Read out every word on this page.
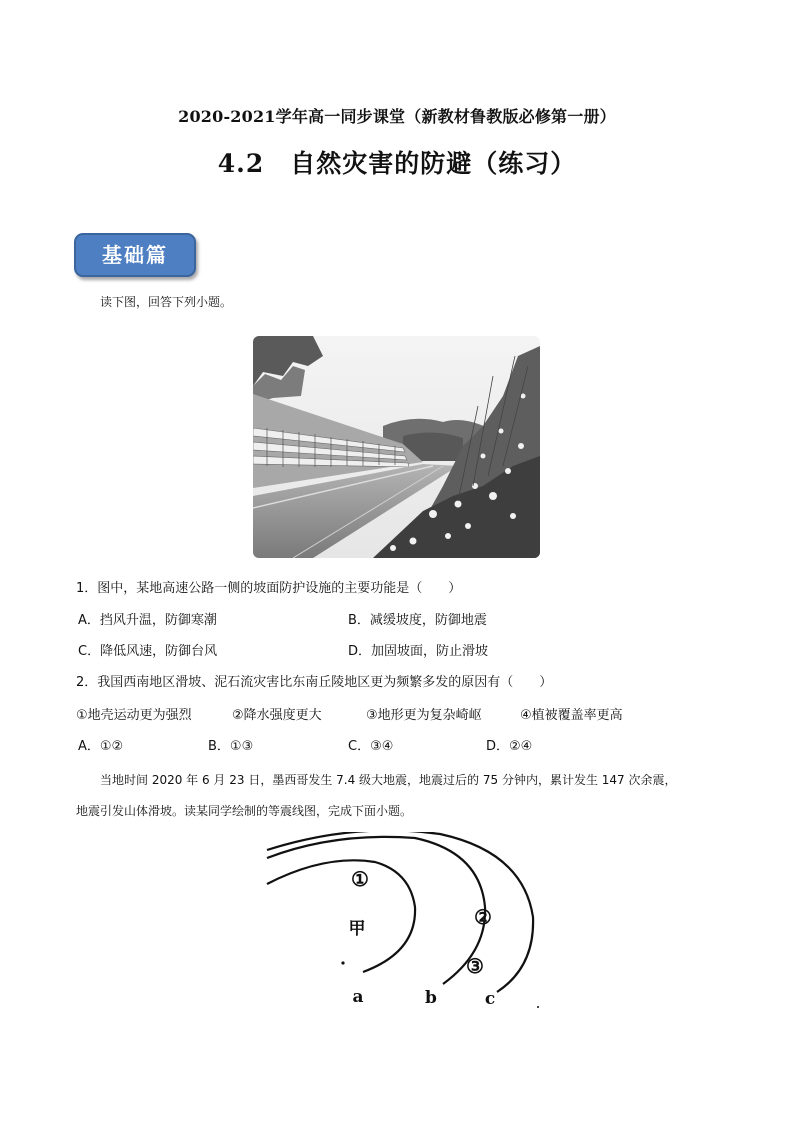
2020-2021学年高一同步课堂（新教材鲁教版必修第一册）
4.2　自然灾害的防避（练习）
基础篇
读下图，回答下列小题。
1．图中，某地高速公路一侧的坡面防护设施的主要功能是（　　）
A．挡风升温，防御寒潮	B．减缓坡度，防御地震
C．降低风速，防御台风	D．加固坡面，防止滑坡
2．我国西南地区滑坡、泥石流灾害比东南丘陵地区更为频繁多发的原因有（　　）
①地壳运动更为强烈	②降水强度更大	③地形更为复杂崎岖	④植被覆盖率更高
A．①②	B．①③	C．③④	D．②④
当地时间 2020 年 6 月 23 日，墨西哥发生 7.4 级大地震，地震过后的 75 分钟内，累计发生 147 次余震，
地震引发山体滑坡。读某同学绘制的等震线图，完成下面小题。
①
②
③
甲
a	b	c
